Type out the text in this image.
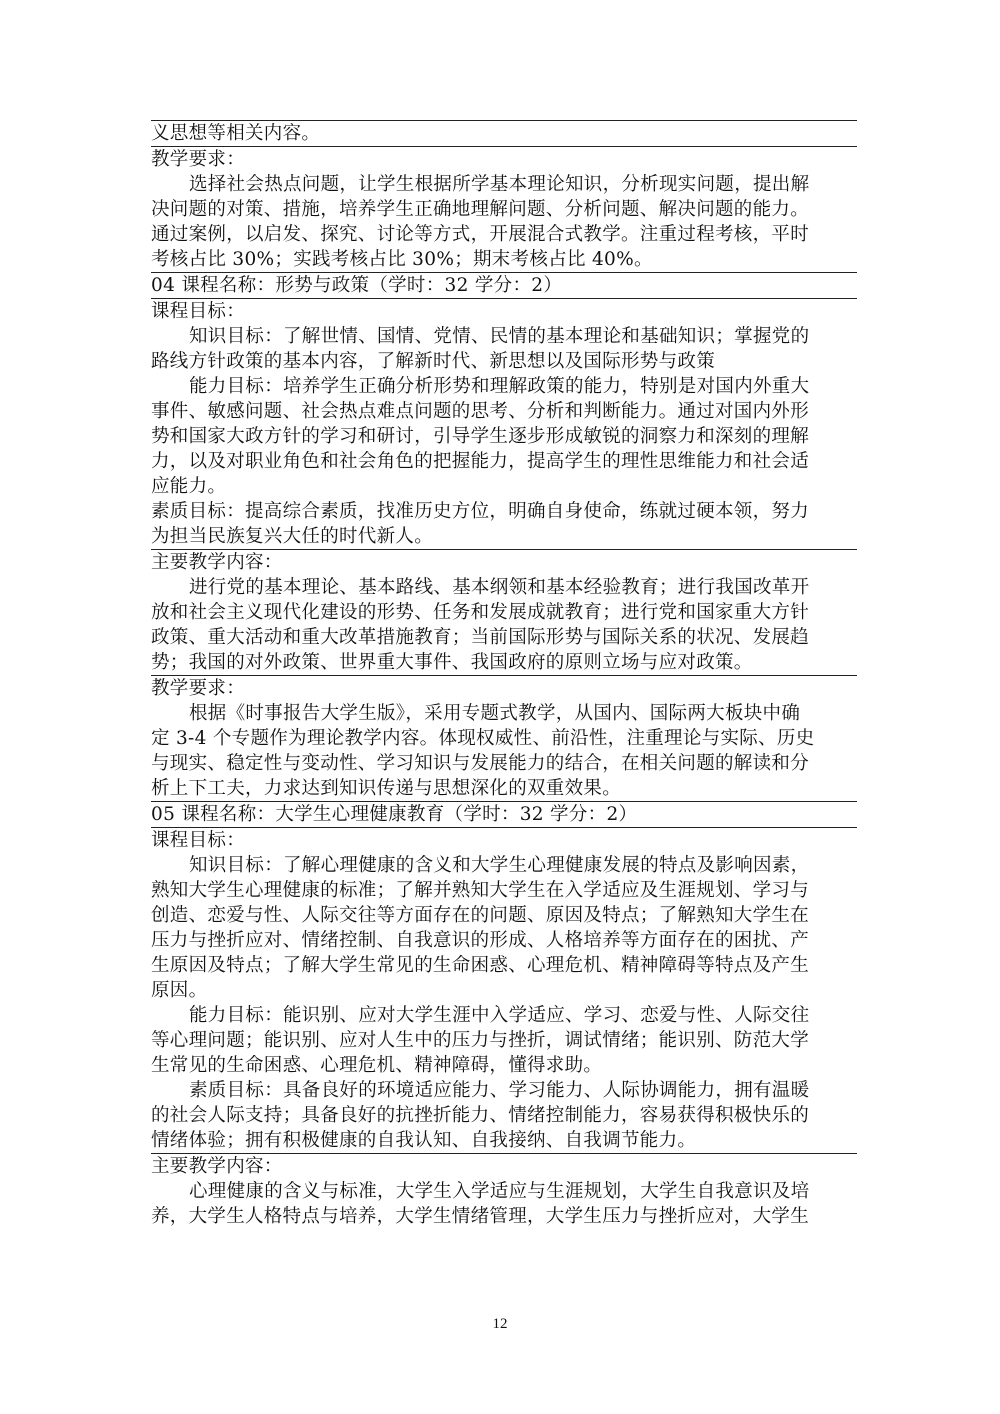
义思想等相关内容。
教学要求：
选择社会热点问题，让学生根据所学基本理论知识，分析现实问题，提出解
决问题的对策、措施，培养学生正确地理解问题、分析问题、解决问题的能力。
通过案例，以启发、探究、讨论等方式，开展混合式教学。注重过程考核，平时
考核占比 30%；实践考核占比 30%；期末考核占比 40%。
04 课程名称：形势与政策（学时：32 学分：2）
课程目标：
知识目标：了解世情、国情、党情、民情的基本理论和基础知识；掌握党的
路线方针政策的基本内容，了解新时代、新思想以及国际形势与政策
能力目标：培养学生正确分析形势和理解政策的能力，特别是对国内外重大
事件、敏感问题、社会热点难点问题的思考、分析和判断能力。通过对国内外形
势和国家大政方针的学习和研讨，引导学生逐步形成敏锐的洞察力和深刻的理解
力，以及对职业角色和社会角色的把握能力，提高学生的理性思维能力和社会适
应能力。
素质目标：提高综合素质，找准历史方位，明确自身使命，练就过硬本领，努力
为担当民族复兴大任的时代新人。
主要教学内容：
进行党的基本理论、基本路线、基本纲领和基本经验教育；进行我国改革开
放和社会主义现代化建设的形势、任务和发展成就教育；进行党和国家重大方针
政策、重大活动和重大改革措施教育；当前国际形势与国际关系的状况、发展趋
势；我国的对外政策、世界重大事件、我国政府的原则立场与应对政策。
教学要求：
根据《时事报告大学生版》，采用专题式教学，从国内、国际两大板块中确
定 3-4 个专题作为理论教学内容。体现权威性、前沿性，注重理论与实际、历史
与现实、稳定性与变动性、学习知识与发展能力的结合，在相关问题的解读和分
析上下工夫，力求达到知识传递与思想深化的双重效果。
05 课程名称：大学生心理健康教育（学时：32 学分：2）
课程目标：
知识目标：了解心理健康的含义和大学生心理健康发展的特点及影响因素，
熟知大学生心理健康的标准；了解并熟知大学生在入学适应及生涯规划、学习与
创造、恋爱与性、人际交往等方面存在的问题、原因及特点；了解熟知大学生在
压力与挫折应对、情绪控制、自我意识的形成、人格培养等方面存在的困扰、产
生原因及特点；了解大学生常见的生命困惑、心理危机、精神障碍等特点及产生
原因。
能力目标：能识别、应对大学生涯中入学适应、学习、恋爱与性、人际交往
等心理问题；能识别、应对人生中的压力与挫折，调试情绪；能识别、防范大学
生常见的生命困惑、心理危机、精神障碍，懂得求助。
素质目标：具备良好的环境适应能力、学习能力、人际协调能力，拥有温暖
的社会人际支持；具备良好的抗挫折能力、情绪控制能力，容易获得积极快乐的
情绪体验；拥有积极健康的自我认知、自我接纳、自我调节能力。
主要教学内容：
心理健康的含义与标准，大学生入学适应与生涯规划，大学生自我意识及培
养，大学生人格特点与培养，大学生情绪管理，大学生压力与挫折应对，大学生
12
